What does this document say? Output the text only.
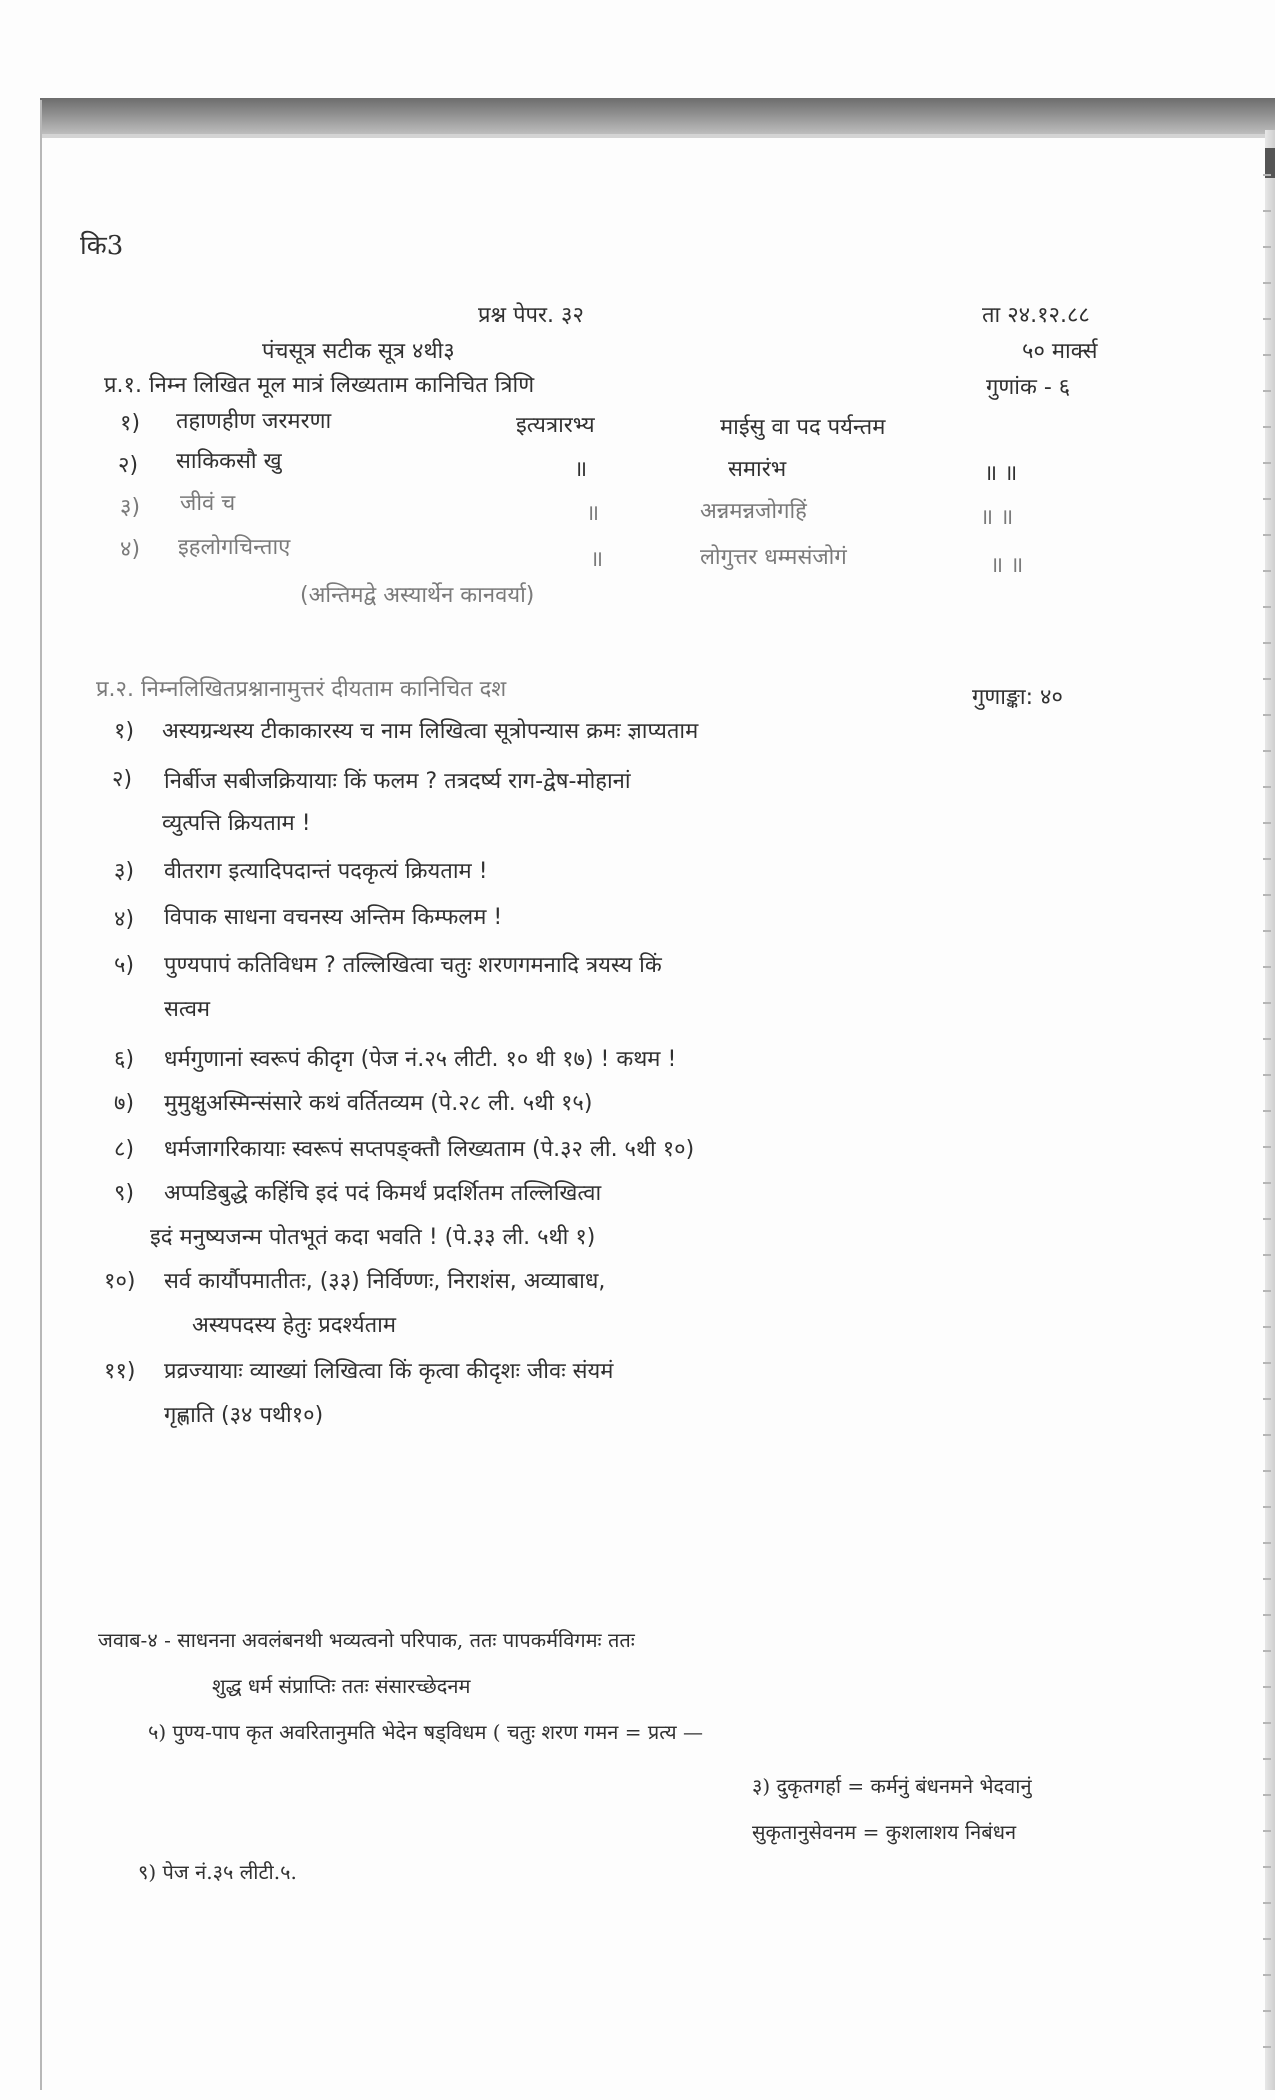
कि3
प्रश्न पेपर. ३२	ता २४.१२.८८
पंचसूत्र सटीक सूत्र ४थी३	५० मार्क्स
प्र.१. निम्न लिखित मूल मात्रं लिख्यताम कानिचित त्रिणि	गुणांक - ६
१) तहाणहीण जरमरणा	इत्यत्रारभ्य	माईसु वा पद पर्यन्तम
२) साकिकसौ खु	॥	समारंभ	॥ ॥
३) जीवं च	॥	अन्नमन्नजोगहिं	॥ ॥
४) इहलोगचिन्ताए	॥	लोगुत्तर धम्मसंजोगं	॥ ॥
(अन्तिमद्वे अस्यार्थेन कानवर्या)
प्र.२. निम्नलिखितप्रश्नानामुत्तरं दीयताम कानिचित दश	गुणाङ्का: ४०
१) अस्यग्रन्थस्य टीकाकारस्य च नाम लिखित्वा सूत्रोपन्यास क्रमः ज्ञाप्यताम
२) निर्बीज सबीजक्रियायाः किं फलम ? तत्रदर्ष्य राग-द्वेष-मोहानां
व्युत्पत्ति क्रियताम !
३) वीतराग इत्यादिपदान्तं पदकृत्यं क्रियताम !
४) विपाक साधना वचनस्य अन्तिम किम्फलम !
५) पुण्यपापं कतिविधम ? तल्लिखित्वा चतुः शरणगमनादि त्रयस्य किं
सत्वम
६) धर्मगुणानां स्वरूपं कीदृग (पेज नं.२५ लीटी. १० थी १७) ! कथम !
७) मुमुक्षुअस्मिन्संसारे कथं वर्तितव्यम (पे.२८ ली. ५थी १५)
८) धर्मजागरिकायाः स्वरूपं सप्तपङ्क्तौ लिख्यताम (पे.३२ ली. ५थी १०)
९) अप्पडिबुद्धे कहिंचि इदं पदं किमर्थं प्रदर्शितम तल्लिखित्वा
इदं मनुष्यजन्म पोतभूतं कदा भवति ! (पे.३३ ली. ५थी १)
१०) सर्व कार्यौपमातीतः, (३३) निर्विण्णः, निराशंस, अव्याबाध,
अस्यपदस्य हेतुः प्रदर्श्यताम
११) प्रव्रज्यायाः व्याख्यां लिखित्वा किं कृत्वा कीदृशः जीवः संयमं
गृह्णाति (३४ पथी१०)
जवाब-४ - साधनना अवलंबनथी भव्यत्वनो परिपाक, ततः पापकर्मविगमः ततः
शुद्ध धर्म संप्राप्तिः ततः संसारच्छेदनम
५) पुण्य-पाप कृत अवरितानुमति भेदेन षड्विधम ( चतुः शरण गमन = प्रत्य —
३) दुकृतगर्हा = कर्मनुं बंधनमने भेदवानुं
सुकृतानुसेवनम = कुशलाशय निबंधन
९) पेज नं.३५ लीटी.५.
